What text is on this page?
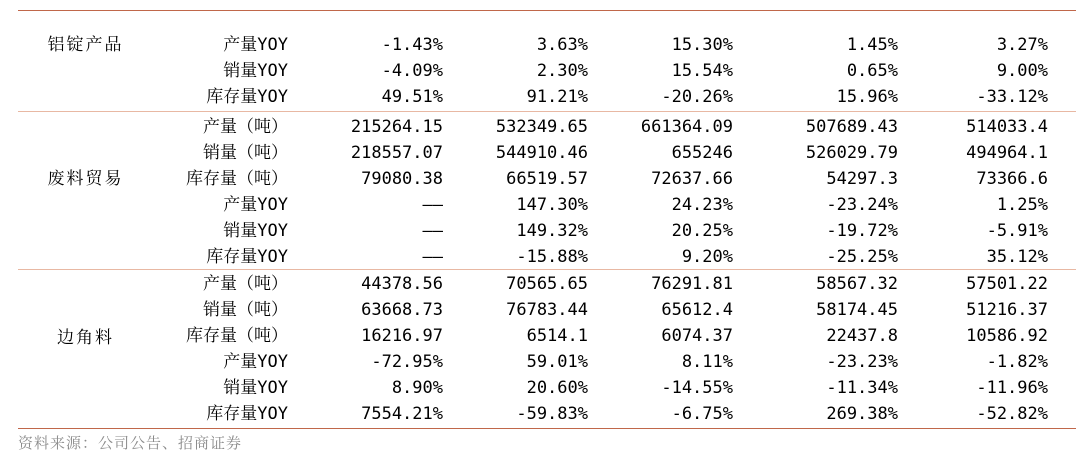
铝锭产品	产量YOY	-1.43%	3.63%	15.30%	1.45%	3.27%
销量YOY	-4.09%	2.30%	15.54%	0.65%	9.00%
库存量YOY	49.51%	91.21%	-20.26%	15.96%	-33.12%
废料贸易
产量（吨）	215264.15	532349.65	661364.09	507689.43	514033.4
销量（吨）	218557.07	544910.46	655246	526029.79	494964.1
库存量（吨）	79080.38	66519.57	72637.66	54297.3	73366.6
产量YOY	——	147.30%	24.23%	-23.24%	1.25%
销量YOY	——	149.32%	20.25%	-19.72%	-5.91%
库存量YOY	——	-15.88%	9.20%	-25.25%	35.12%
边角料
产量（吨）	44378.56	70565.65	76291.81	58567.32	57501.22
销量（吨）	63668.73	76783.44	65612.4	58174.45	51216.37
库存量（吨）	16216.97	6514.1	6074.37	22437.8	10586.92
产量YOY	-72.95%	59.01%	8.11%	-23.23%	-1.82%
销量YOY	8.90%	20.60%	-14.55%	-11.34%	-11.96%
库存量YOY	7554.21%	-59.83%	-6.75%	269.38%	-52.82%
资料来源：公司公告、招商证券
